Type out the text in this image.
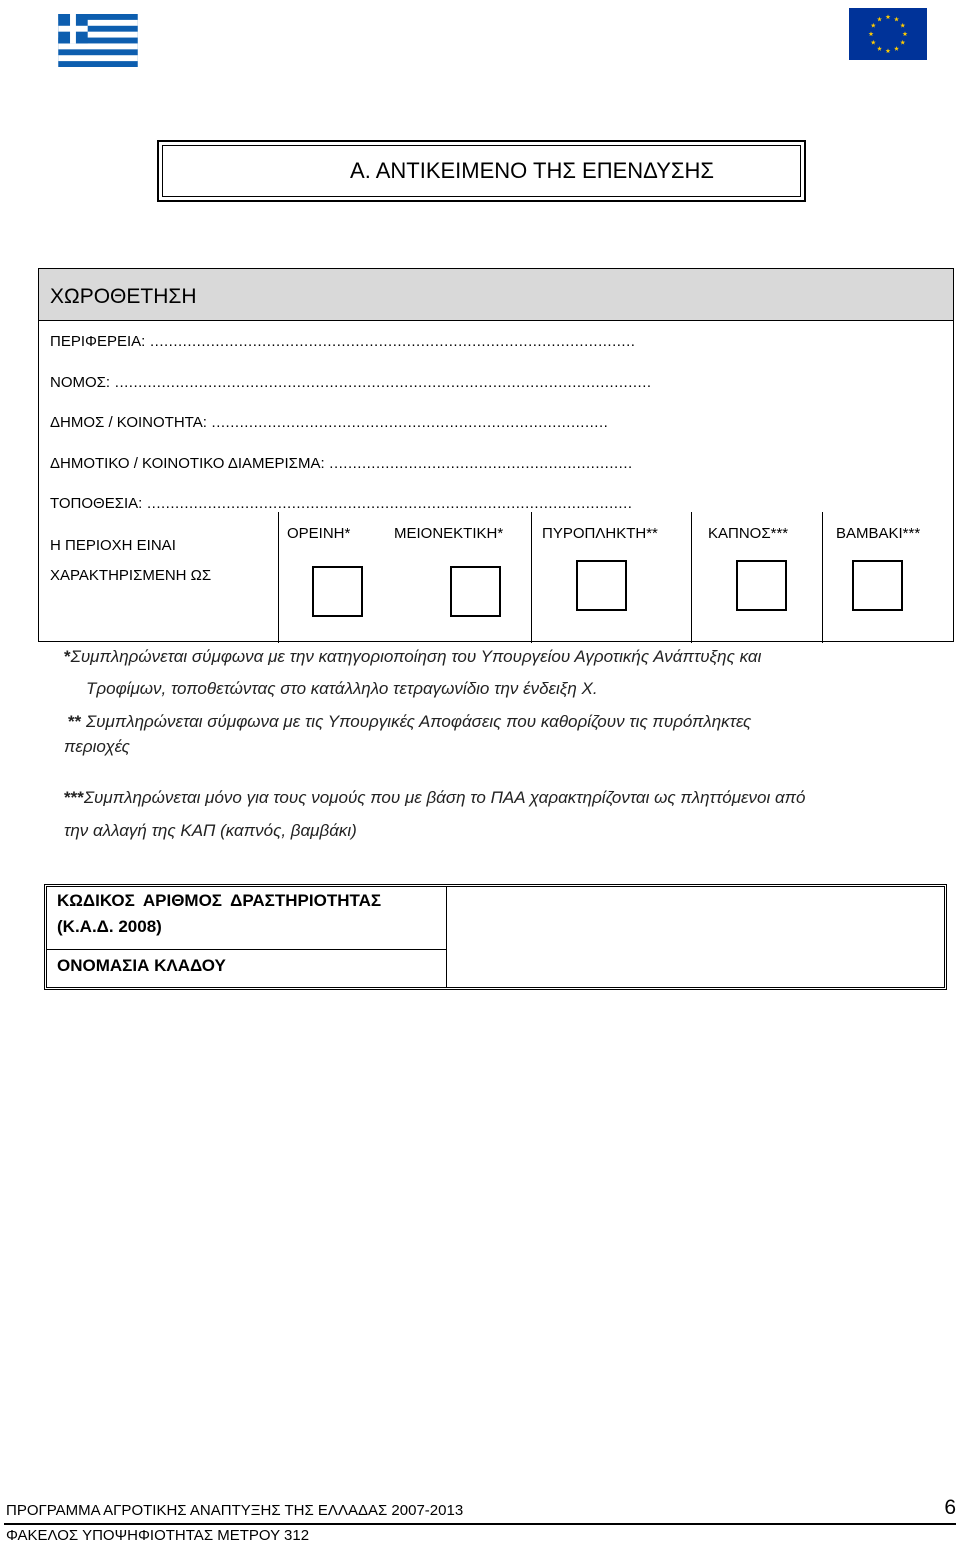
Α. ΑΝΤΙΚΕΙΜΕΝΟ ΤΗΣ ΕΠΕΝΔΥΣΗΣ
ΧΩΡΟΘΕΤΗΣΗ
ΠΕΡΙΦΕΡΕΙΑ: ........................................................................................................
ΝΟΜΟΣ: ...................................................................................................................
ΔΗΜΟΣ / ΚΟΙΝΟΤΗΤΑ: .....................................................................................
ΔΗΜΟΤΙΚΟ / ΚΟΙΝΟΤΙΚΟ ΔΙΑΜΕΡΙΣΜΑ: .................................................................
ΤΟΠΟΘΕΣΙΑ: ........................................................................................................
Η ΠΕΡΙΟΧΗ ΕΙΝΑΙ
ΧΑΡΑΚΤΗΡΙΣΜΕΝΗ ΩΣ
ΟΡΕΙΝΗ*	ΜΕΙΟΝΕΚΤΙΚΗ*	ΠΥΡΟΠΛΗΚΤΗ**	ΚΑΠΝΟΣ***	ΒΑΜΒΑΚΙ***
*Συμπληρώνεται σύμφωνα με την κατηγοριοποίηση του Υπουργείου Αγροτικής Ανάπτυξης και
Τροφίμων, τοποθετώντας στο κατάλληλο τετραγωνίδιο την ένδειξη Χ.
** Συμπληρώνεται σύμφωνα με τις Υπουργικές Αποφάσεις που καθορίζουν τις πυρόπληκτες
περιοχές
***Συμπληρώνεται μόνο για τους νομούς που με βάση το ΠΑΑ χαρακτηρίζονται ως πληττόμενοι από
την αλλαγή της ΚΑΠ (καπνός, βαμβάκι)
ΚΩΔΙΚΟΣ ΑΡΙΘΜΟΣ ΔΡΑΣΤΗΡΙΟΤΗΤΑΣ
(Κ.Α.Δ. 2008)
ΟΝΟΜΑΣΙΑ ΚΛΑΔΟΥ
ΠΡΟΓΡΑΜΜΑ ΑΓΡΟΤΙΚΗΣ ΑΝΑΠΤΥΞΗΣ ΤΗΣ ΕΛΛΑΔΑΣ 2007-2013	6
ΦΑΚΕΛΟΣ ΥΠΟΨΗΦΙΟΤΗΤΑΣ ΜΕΤΡΟΥ 312
